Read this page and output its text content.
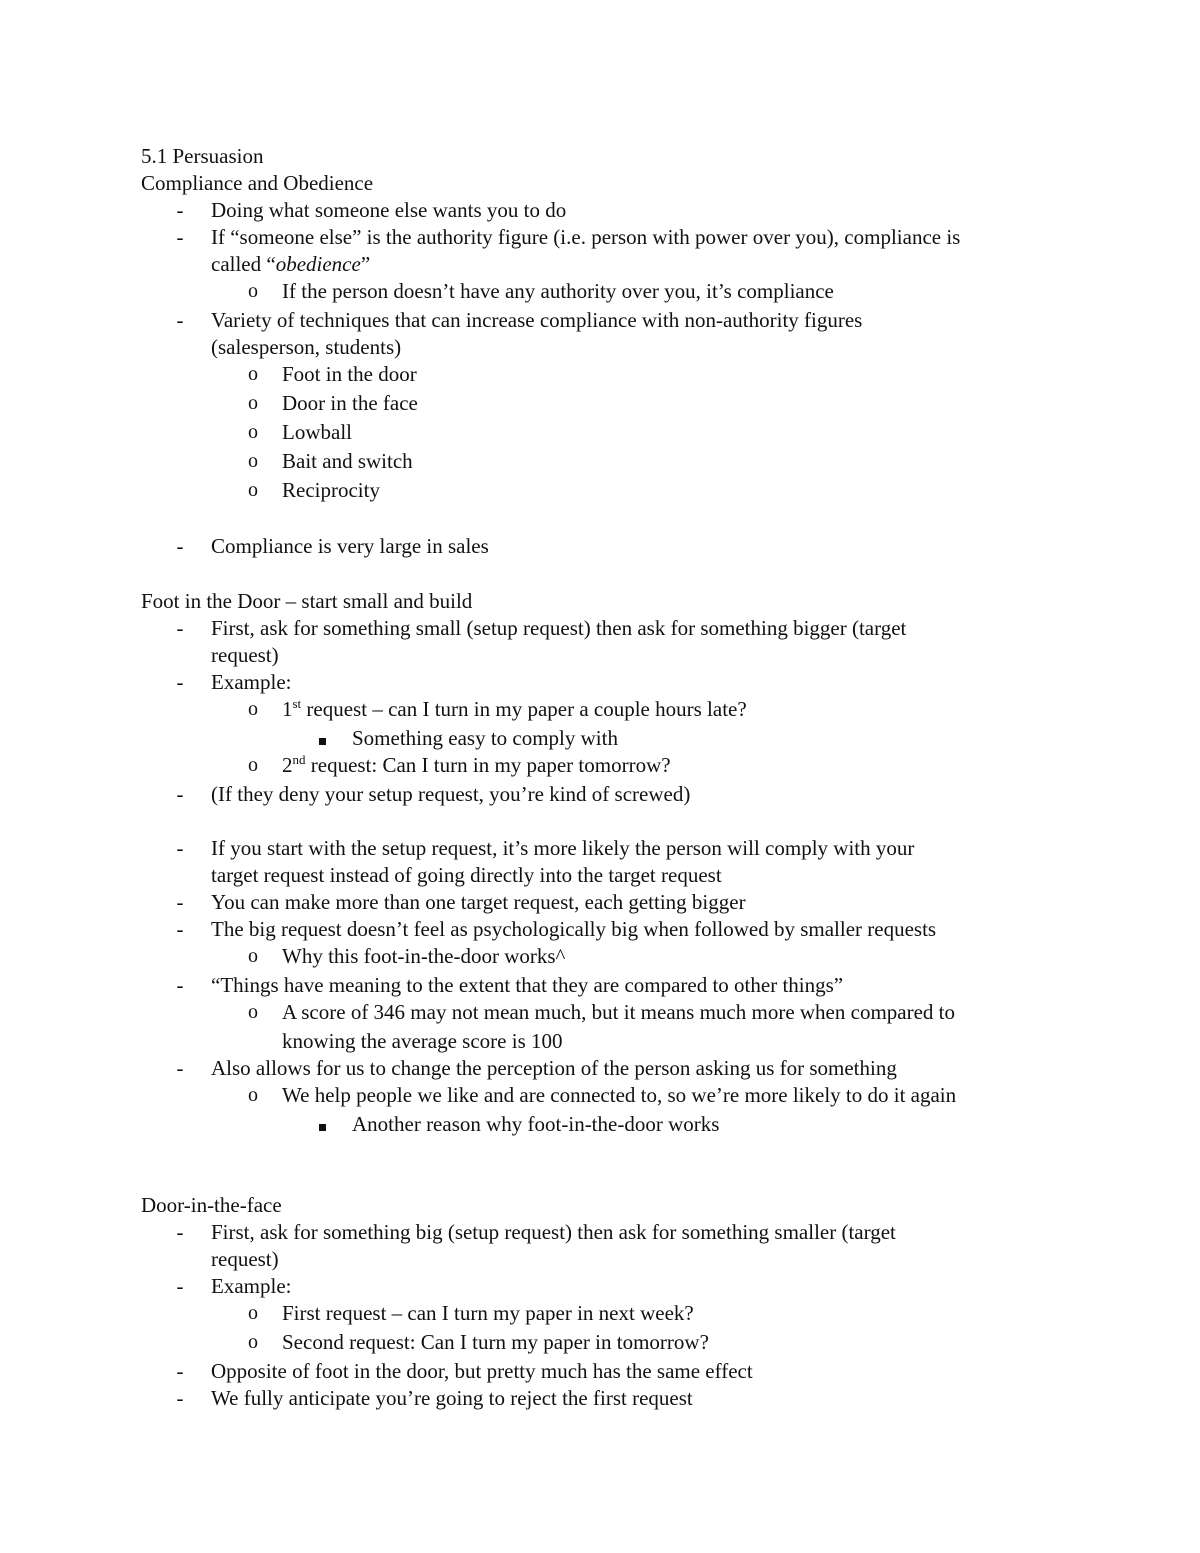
5.1 Persuasion
Compliance and Obedience
- Doing what someone else wants you to do
- If “someone else” is the authority figure (i.e. person with power over you), compliance is
called “obedience”
o If the person doesn’t have any authority over you, it’s compliance
- Variety of techniques that can increase compliance with non-authority figures
(salesperson, students)
o Foot in the door
o Door in the face
o Lowball
o Bait and switch
o Reciprocity
- Compliance is very large in sales
Foot in the Door – start small and build
- First, ask for something small (setup request) then ask for something bigger (target
request)
- Example:
o 1st request – can I turn in my paper a couple hours late?
Something easy to comply with
o 2nd request: Can I turn in my paper tomorrow?
- (If they deny your setup request, you’re kind of screwed)
- If you start with the setup request, it’s more likely the person will comply with your
target request instead of going directly into the target request
- You can make more than one target request, each getting bigger
- The big request doesn’t feel as psychologically big when followed by smaller requests
o Why this foot-in-the-door works^
- “Things have meaning to the extent that they are compared to other things”
o A score of 346 may not mean much, but it means much more when compared to
knowing the average score is 100
- Also allows for us to change the perception of the person asking us for something
o We help people we like and are connected to, so we’re more likely to do it again
Another reason why foot-in-the-door works
Door-in-the-face
- First, ask for something big (setup request) then ask for something smaller (target
request)
- Example:
o First request – can I turn my paper in next week?
o Second request: Can I turn my paper in tomorrow?
- Opposite of foot in the door, but pretty much has the same effect
- We fully anticipate you’re going to reject the first request
